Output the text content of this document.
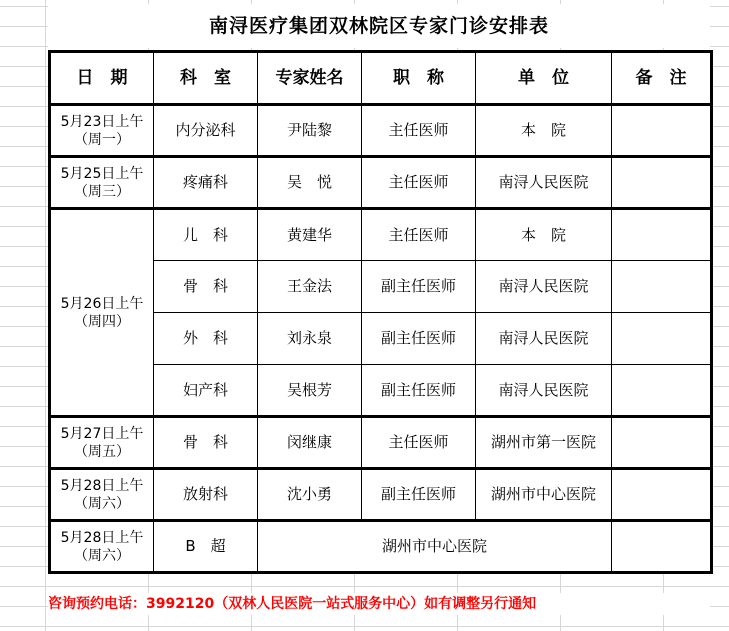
南浔医疗集团双林院区专家门诊安排表
日　期	科　室	专家姓名	职　称	单　位	备　注

5月23日上午
（周一）	内分泌科	尹陆黎	主任医师	本　院	

5月25日上午
（周三）	疼痛科	吴　悦	主任医师	南浔人民医院	

5月26日上午
（周四）	儿　科	黄建华	主任医师	本　院	
	骨　科	王金法	副主任医师	南浔人民医院	
	外　科	刘永泉	副主任医师	南浔人民医院	
	妇产科	吴根芳	副主任医师	南浔人民医院	

5月27日上午
（周五）	骨　科	闵继康	主任医师	湖州市第一医院	

5月28日上午
（周六）	放射科	沈小勇	副主任医师	湖州市中心医院	

5月28日上午
（周六）	B　超	湖州市中心医院			
咨询预约电话：3992120（双林人民医院一站式服务中心）如有调整另行通知
